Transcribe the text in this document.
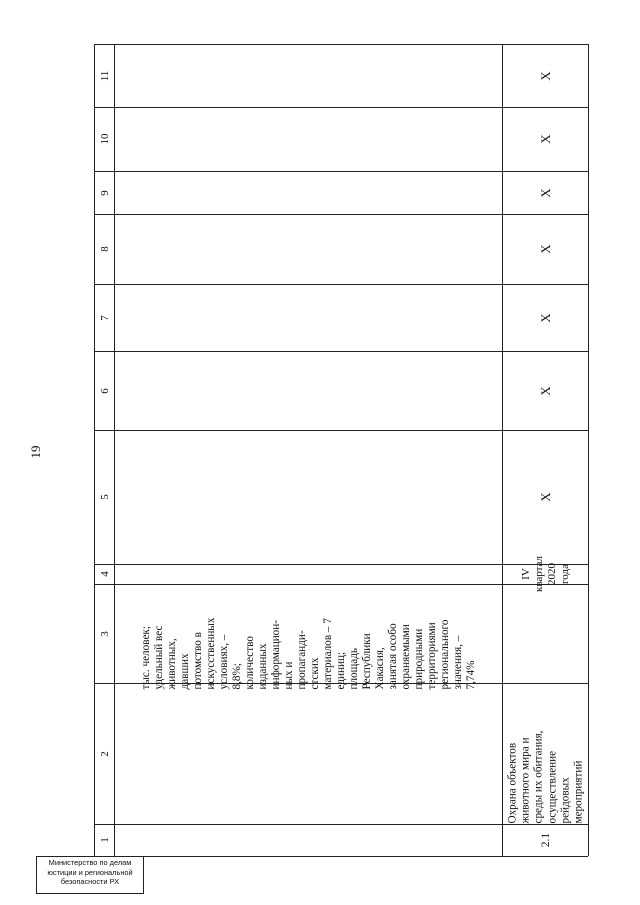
19
11
10
9
8
7
6
5
4
3
2
1
тыс. человек; удельный вес животных, давших потомство в искусственных условиях, – 8,8%; количество изданных информацион- ных и пропаганди- стских материалов – 7 единиц; площадь Республики Хакасия, занятая особо охраняемыми природными территориями регионального значения, – 7,74%
2.1
Охрана объектов животного мира и среды их обитания, осуществление рейдовых мероприятий
IV квартал 2020 года
X
X
X
X
X
X
X
Министерство по делам
юстиции и региональной
безопасности РХ
